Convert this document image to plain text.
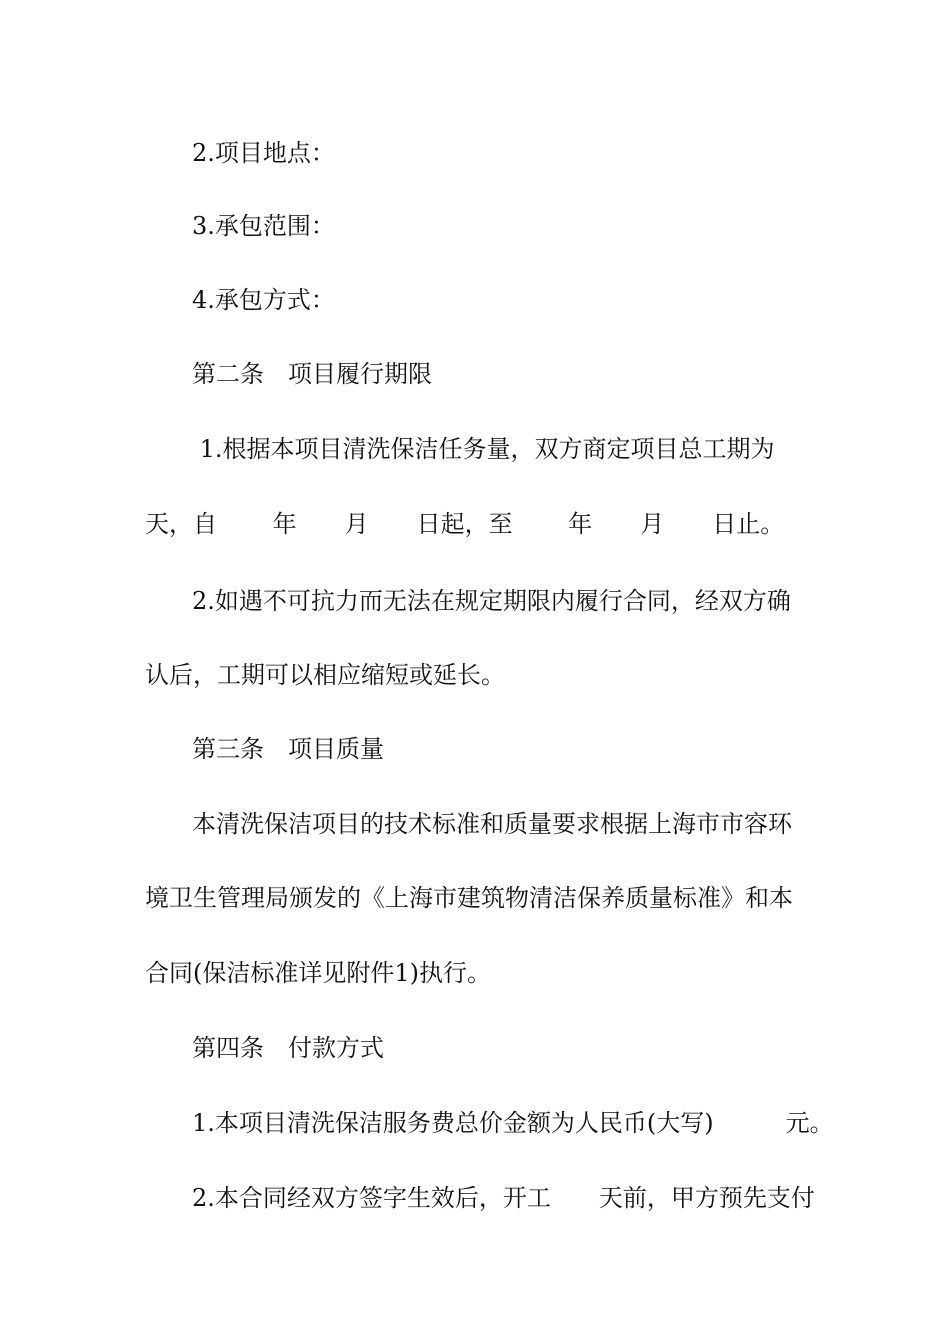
2.项目地点：
3.承包范围：
4.承包方式：
第二条　项目履行期限
1.根据本项目清洗保洁任务量，双方商定项目总工期为
天，自　　 年　　月　　日起，至　　 年　　月　　日止。
2.如遇不可抗力而无法在规定期限内履行合同，经双方确
认后，工期可以相应缩短或延长。
第三条　项目质量
本清洗保洁项目的技术标准和质量要求根据上海市市容环
境卫生管理局颁发的《上海市建筑物清洁保养质量标准》和本
合同(保洁标准详见附件1)执行。
第四条　付款方式
1.本项目清洗保洁服务费总价金额为人民币(大写)　　　元。
2.本合同经双方签字生效后，开工　　天前，甲方预先支付
